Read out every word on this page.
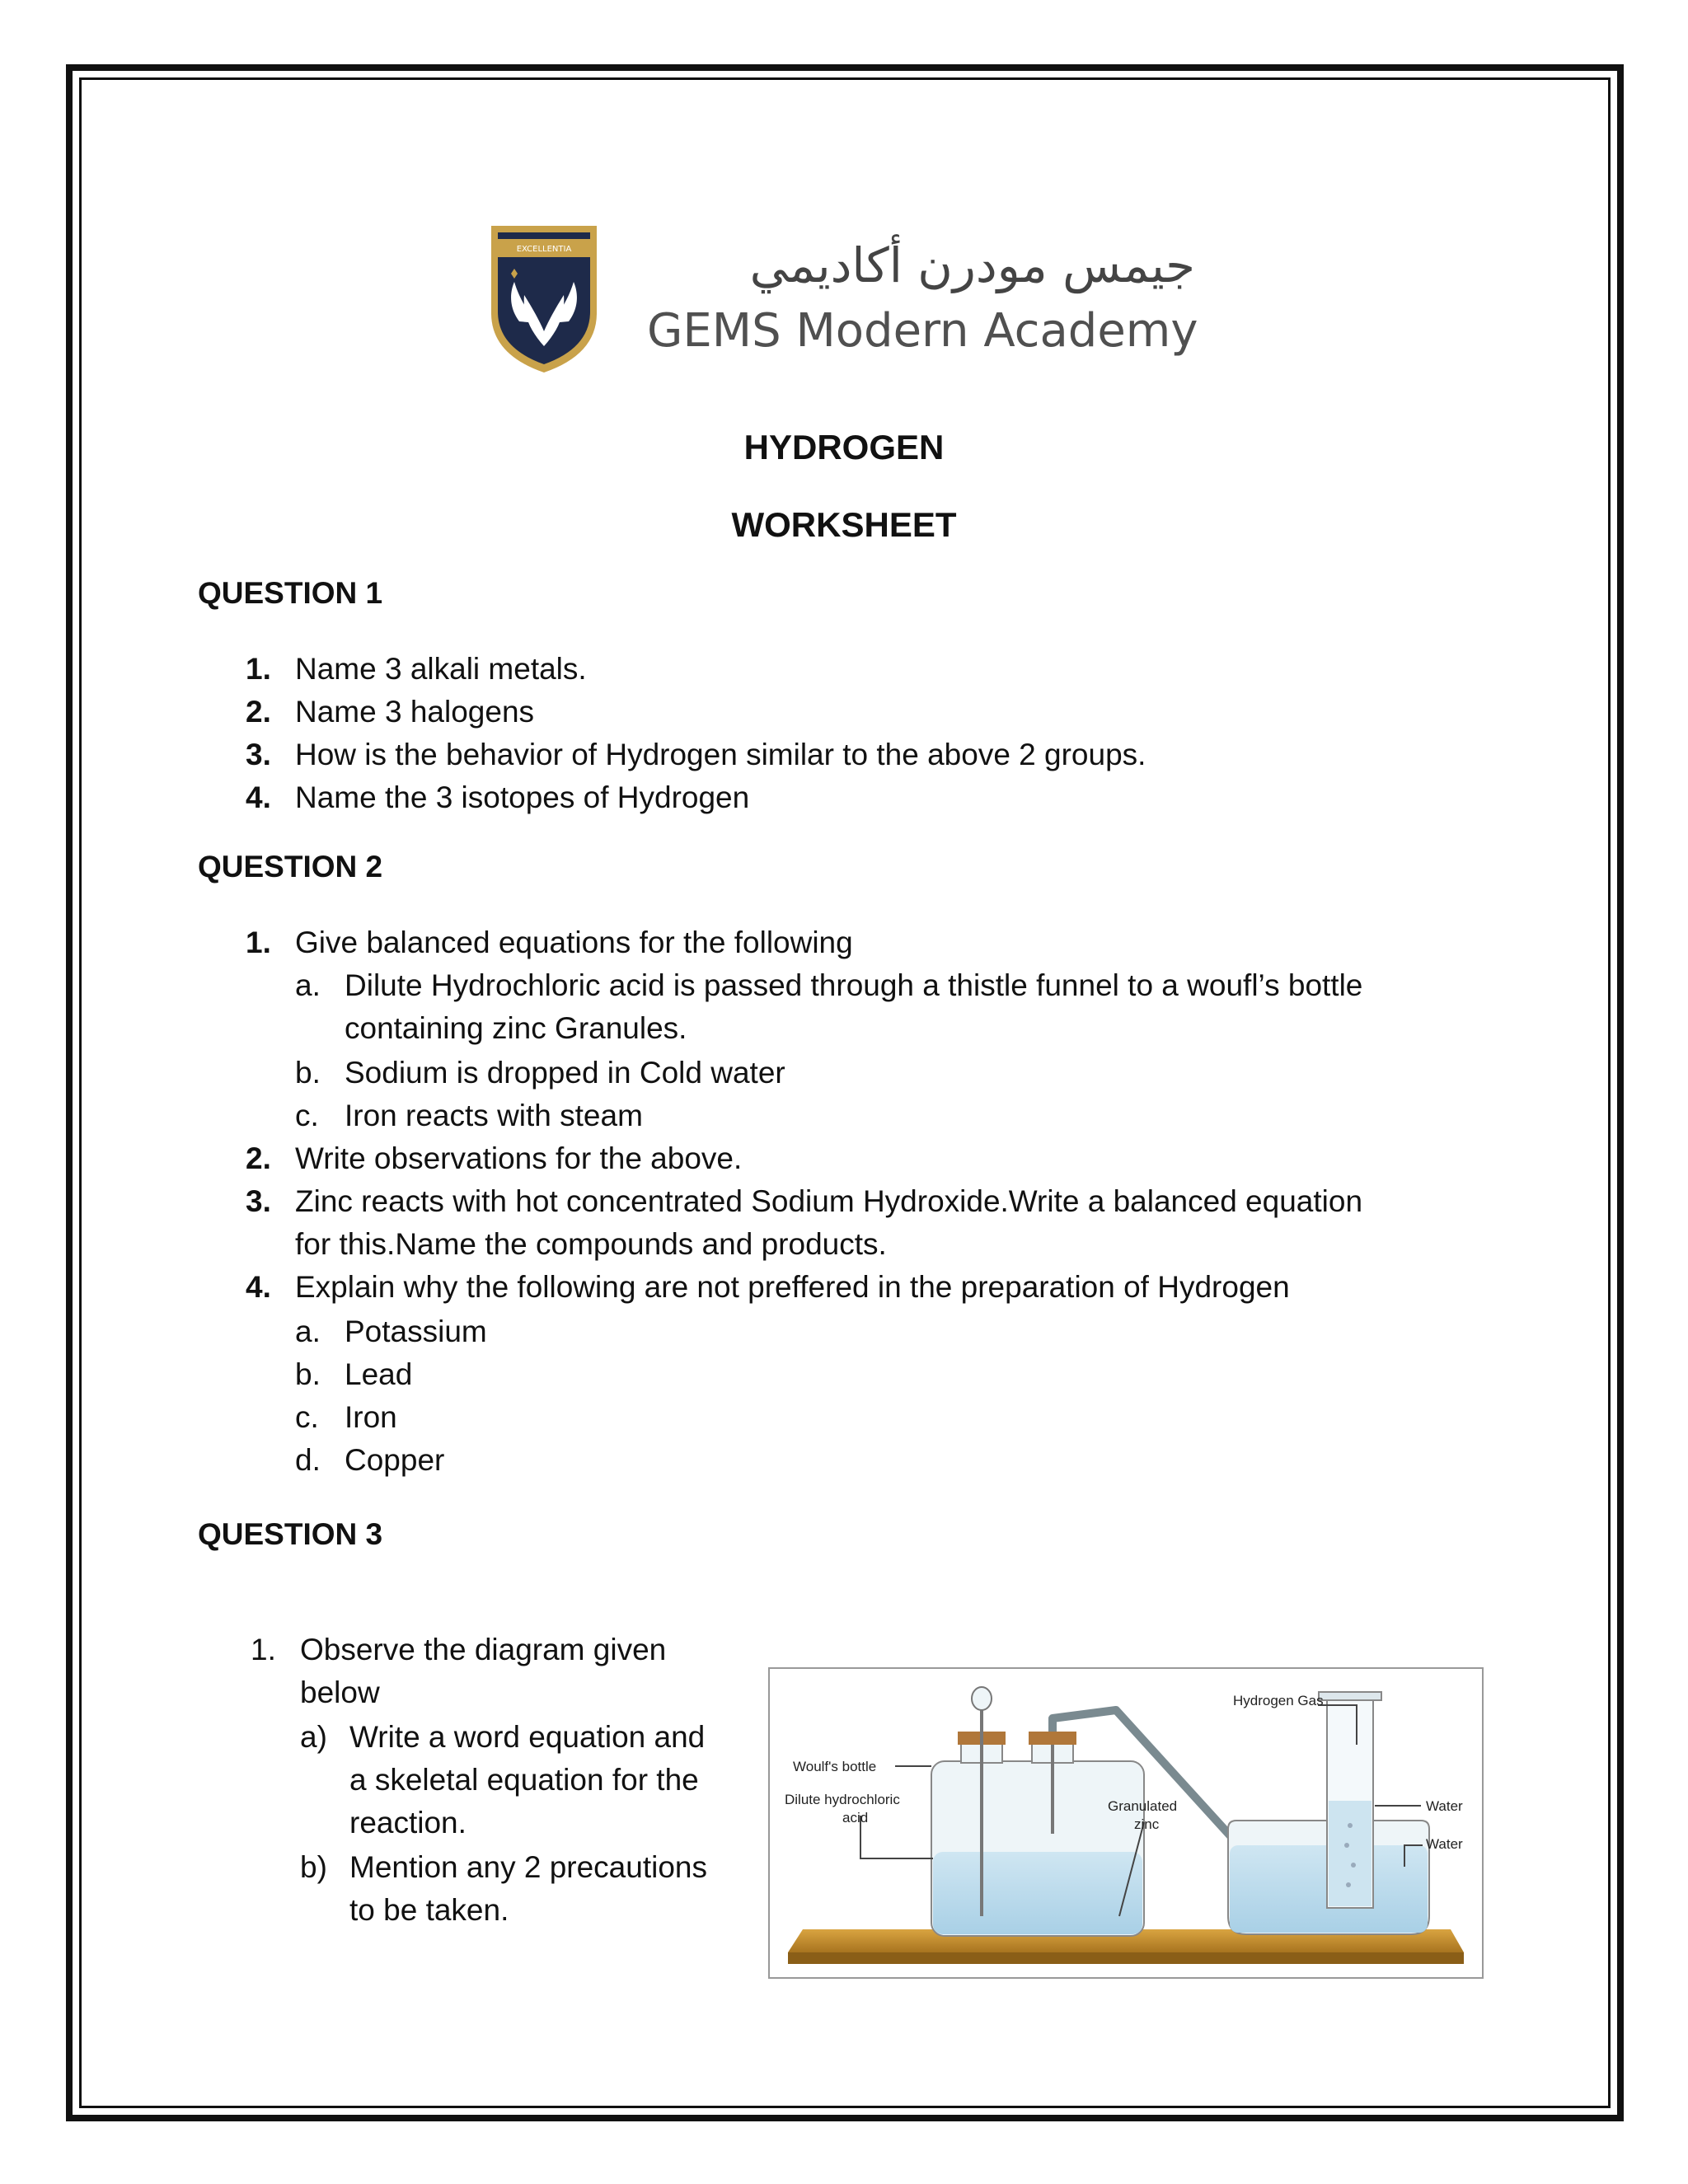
EXCELLENTIA	جيمس مودرن أكاديمي
GEMS Modern Academy
HYDROGEN
WORKSHEET
QUESTION 1
1. Name 3 alkali metals.
2. Name 3 halogens
3. How is the behavior of Hydrogen similar to the above 2 groups.
4. Name the 3 isotopes of Hydrogen
QUESTION 2
1. Give balanced equations for the following
a. Dilute Hydrochloric acid is passed through a thistle funnel to a woufl’s bottle
containing zinc Granules.
b. Sodium is dropped in Cold water
c. Iron reacts with steam
2. Write observations for the above.
3. Zinc reacts with hot concentrated Sodium Hydroxide.Write a balanced equation
for this.Name the compounds and products.
4. Explain why the following are not preffered in the preparation of Hydrogen
a. Potassium
b. Lead
c. Iron
d. Copper
QUESTION 3
1. Observe the diagram given
below
a) Write a word equation and
a skeletal equation for the
reaction.
b) Mention any 2 precautions
to be taken.
Hydrogen Gas
Woulf's bottle
Dilute hydrochloric
acid
Granulated
zinc
Water
Water
